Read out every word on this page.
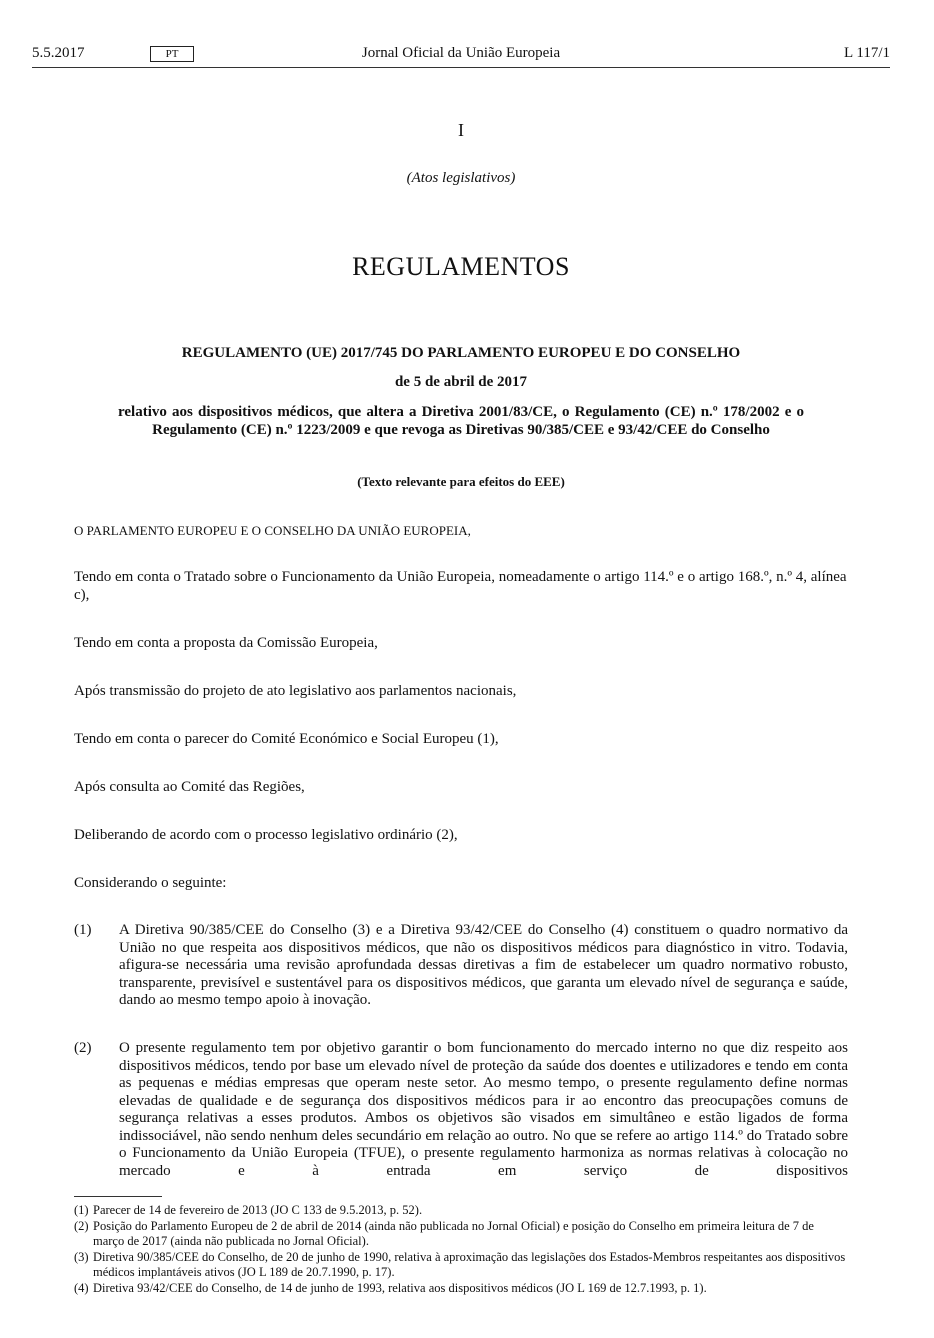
5.5.2017	PT	Jornal Oficial da União Europeia	L 117/1
I
(Atos legislativos)
REGULAMENTOS
REGULAMENTO (UE) 2017/745 DO PARLAMENTO EUROPEU E DO CONSELHO
de 5 de abril de 2017
relativo aos dispositivos médicos, que altera a Diretiva 2001/83/CE, o Regulamento (CE) n.º 178/2002 e o Regulamento (CE) n.º 1223/2009 e que revoga as Diretivas 90/385/CEE e 93/42/CEE do Conselho
(Texto relevante para efeitos do EEE)
O PARLAMENTO EUROPEU E O CONSELHO DA UNIÃO EUROPEIA,
Tendo em conta o Tratado sobre o Funcionamento da União Europeia, nomeadamente o artigo 114.º e o artigo 168.º, n.º 4, alínea c),
Tendo em conta a proposta da Comissão Europeia,
Após transmissão do projeto de ato legislativo aos parlamentos nacionais,
Tendo em conta o parecer do Comité Económico e Social Europeu (1),
Após consulta ao Comité das Regiões,
Deliberando de acordo com o processo legislativo ordinário (2),
Considerando o seguinte:
(1) A Diretiva 90/385/CEE do Conselho (3) e a Diretiva 93/42/CEE do Conselho (4) constituem o quadro normativo da União no que respeita aos dispositivos médicos, que não os dispositivos médicos para diagnóstico in vitro. Todavia, afigura-se necessária uma revisão aprofundada dessas diretivas a fim de estabelecer um quadro normativo robusto, transparente, previsível e sustentável para os dispositivos médicos, que garanta um elevado nível de segurança e saúde, dando ao mesmo tempo apoio à inovação.
(2) O presente regulamento tem por objetivo garantir o bom funcionamento do mercado interno no que diz respeito aos dispositivos médicos, tendo por base um elevado nível de proteção da saúde dos doentes e utilizadores e tendo em conta as pequenas e médias empresas que operam neste setor. Ao mesmo tempo, o presente regulamento define normas elevadas de qualidade e de segurança dos dispositivos médicos para ir ao encontro das preocupações comuns de segurança relativas a esses produtos. Ambos os objetivos são visados em simultâneo e estão ligados de forma indissociável, não sendo nenhum deles secundário em relação ao outro. No que se refere ao artigo 114.º do Tratado sobre o Funcionamento da União Europeia (TFUE), o presente regulamento harmoniza as normas relativas à colocação no mercado e à entrada em serviço de dispositivos
(1) Parecer de 14 de fevereiro de 2013 (JO C 133 de 9.5.2013, p. 52).
(2) Posição do Parlamento Europeu de 2 de abril de 2014 (ainda não publicada no Jornal Oficial) e posição do Conselho em primeira leitura de 7 de março de 2017 (ainda não publicada no Jornal Oficial).
(3) Diretiva 90/385/CEE do Conselho, de 20 de junho de 1990, relativa à aproximação das legislações dos Estados-Membros respeitantes aos dispositivos médicos implantáveis ativos (JO L 189 de 20.7.1990, p. 17).
(4) Diretiva 93/42/CEE do Conselho, de 14 de junho de 1993, relativa aos dispositivos médicos (JO L 169 de 12.7.1993, p. 1).
